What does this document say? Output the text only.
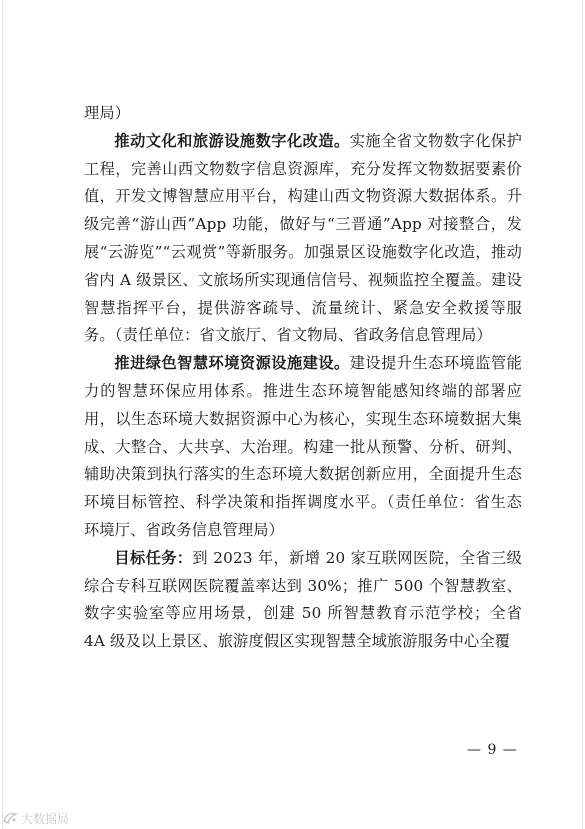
理局）

推动文化和旅游设施数字化改造。实施全省文物数字化保护工程，完善山西文物数字信息资源库，充分发挥文物数据要素价值，开发文博智慧应用平台，构建山西文物资源大数据体系。升级完善“游山西”App 功能，做好与“三晋通”App 对接整合，发展“云游览”“云观赏”等新服务。加强景区设施数字化改造，推动省内 A 级景区、文旅场所实现通信信号、视频监控全覆盖。建设智慧指挥平台，提供游客疏导、流量统计、紧急安全救援等服务。（责任单位：省文旅厅、省文物局、省政务信息管理局）

推进绿色智慧环境资源设施建设。建设提升生态环境监管能力的智慧环保应用体系。推进生态环境智能感知终端的部署应用，以生态环境大数据资源中心为核心，实现生态环境数据大集成、大整合、大共享、大治理。构建一批从预警、分析、研判、辅助决策到执行落实的生态环境大数据创新应用，全面提升生态环境目标管控、科学决策和指挥调度水平。（责任单位：省生态环境厅、省政务信息管理局）

目标任务：到 2023 年，新增 20 家互联网医院，全省三级综合专科互联网医院覆盖率达到 30%；推广 500 个智慧教室、数字实验室等应用场景，创建 50 所智慧教育示范学校；全省 4A 级及以上景区、旅游度假区实现智慧全域旅游服务中心全覆

— 9 —
大数据局
